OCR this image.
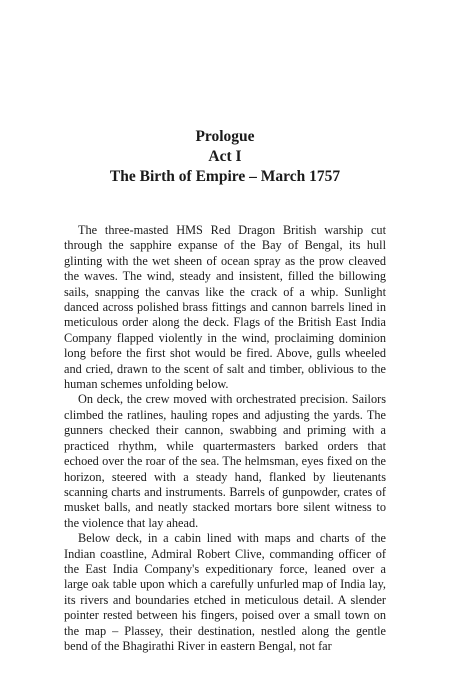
Prologue
Act I
The Birth of Empire – March 1757

The three-masted HMS Red Dragon British warship cut through the sapphire expanse of the Bay of Bengal, its hull glinting with the wet sheen of ocean spray as the prow cleaved the waves. The wind, steady and insistent, filled the billowing sails, snapping the canvas like the crack of a whip. Sunlight danced across polished brass fittings and cannon barrels lined in meticulous order along the deck. Flags of the British East India Company flapped violently in the wind, proclaiming dominion long before the first shot would be fired. Above, gulls wheeled and cried, drawn to the scent of salt and timber, oblivious to the human schemes unfolding below.

On deck, the crew moved with orchestrated precision. Sailors climbed the ratlines, hauling ropes and adjusting the yards. The gunners checked their cannon, swabbing and priming with a practiced rhythm, while quartermasters barked orders that echoed over the roar of the sea. The helmsman, eyes fixed on the horizon, steered with a steady hand, flanked by lieutenants scanning charts and instruments. Barrels of gunpowder, crates of musket balls, and neatly stacked mortars bore silent witness to the violence that lay ahead.

Below deck, in a cabin lined with maps and charts of the Indian coastline, Admiral Robert Clive, commanding officer of the East India Company's expeditionary force, leaned over a large oak table upon which a carefully unfurled map of India lay, its rivers and boundaries etched in meticulous detail. A slender pointer rested between his fingers, poised over a small town on the map – Plassey, their destination, nestled along the gentle bend of the Bhagirathi River in eastern Bengal, not far
